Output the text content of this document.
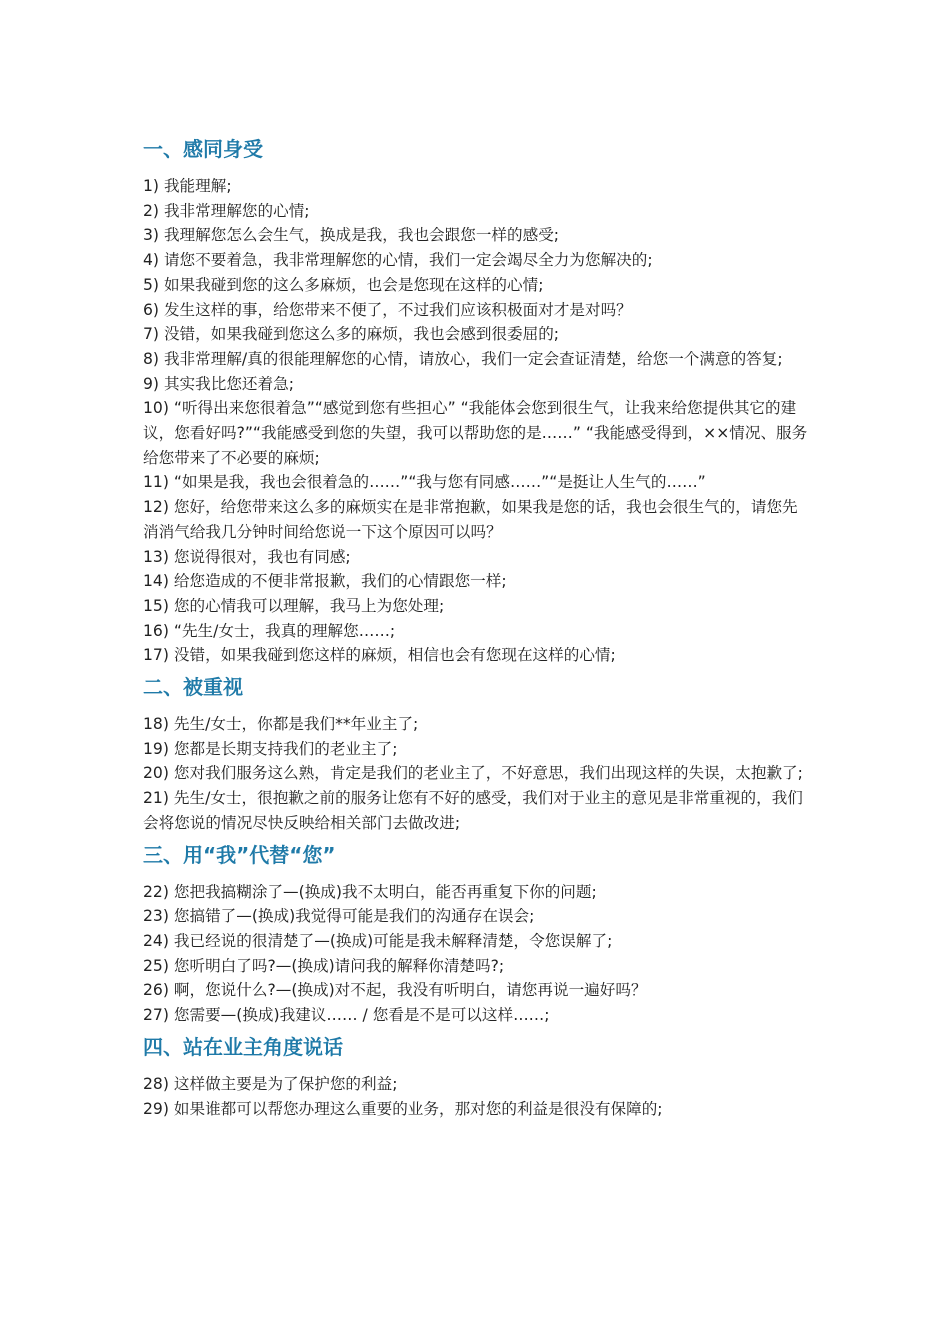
一、感同身受

1) 我能理解;

2) 我非常理解您的心情;

3) 我理解您怎么会生气，换成是我，我也会跟您一样的感受;

4) 请您不要着急，我非常理解您的心情，我们一定会竭尽全力为您解决的;

5) 如果我碰到您的这么多麻烦，也会是您现在这样的心情;

6) 发生这样的事，给您带来不便了，不过我们应该积极面对才是对吗？

7) 没错，如果我碰到您这么多的麻烦，我也会感到很委屈的;

8) 我非常理解/真的很能理解您的心情，请放心，我们一定会查证清楚，给您一个满意的答复;

9) 其实我比您还着急;

10) “听得出来您很着急”“感觉到您有些担心” “我能体会您到很生气，让我来给您提供其它的建议，您看好吗?”“我能感受到您的失望，我可以帮助您的是……” “我能感受得到，××情况、服务给您带来了不必要的麻烦;

11) “如果是我，我也会很着急的……”“我与您有同感……”“是挺让人生气的……”

12) 您好，给您带来这么多的麻烦实在是非常抱歉，如果我是您的话，我也会很生气的，请您先消消气给我几分钟时间给您说一下这个原因可以吗？

13) 您说得很对，我也有同感;

14) 给您造成的不便非常报歉，我们的心情跟您一样;

15) 您的心情我可以理解，我马上为您处理;

16) “先生/女士，我真的理解您……;

17) 没错，如果我碰到您这样的麻烦，相信也会有您现在这样的心情;

二、被重视

18) 先生/女士，你都是我们**年业主了;

19) 您都是长期支持我们的老业主了;

20) 您对我们服务这么熟，肯定是我们的老业主了，不好意思，我们出现这样的失误，太抱歉了;

21) 先生/女士，很抱歉之前的服务让您有不好的感受，我们对于业主的意见是非常重视的，我们会将您说的情况尽快反映给相关部门去做改进;

三、用“我”代替“您”

22) 您把我搞糊涂了—(换成)我不太明白，能否再重复下你的问题;

23) 您搞错了—(换成)我觉得可能是我们的沟通存在误会;

24) 我已经说的很清楚了—(换成)可能是我未解释清楚，令您误解了;

25) 您听明白了吗?—(换成)请问我的解释你清楚吗?;

26) 啊，您说什么?—(换成)对不起，我没有听明白，请您再说一遍好吗？

27) 您需要—(换成)我建议…… / 您看是不是可以这样……;

四、站在业主角度说话

28) 这样做主要是为了保护您的利益;

29) 如果谁都可以帮您办理这么重要的业务，那对您的利益是很没有保障的;
